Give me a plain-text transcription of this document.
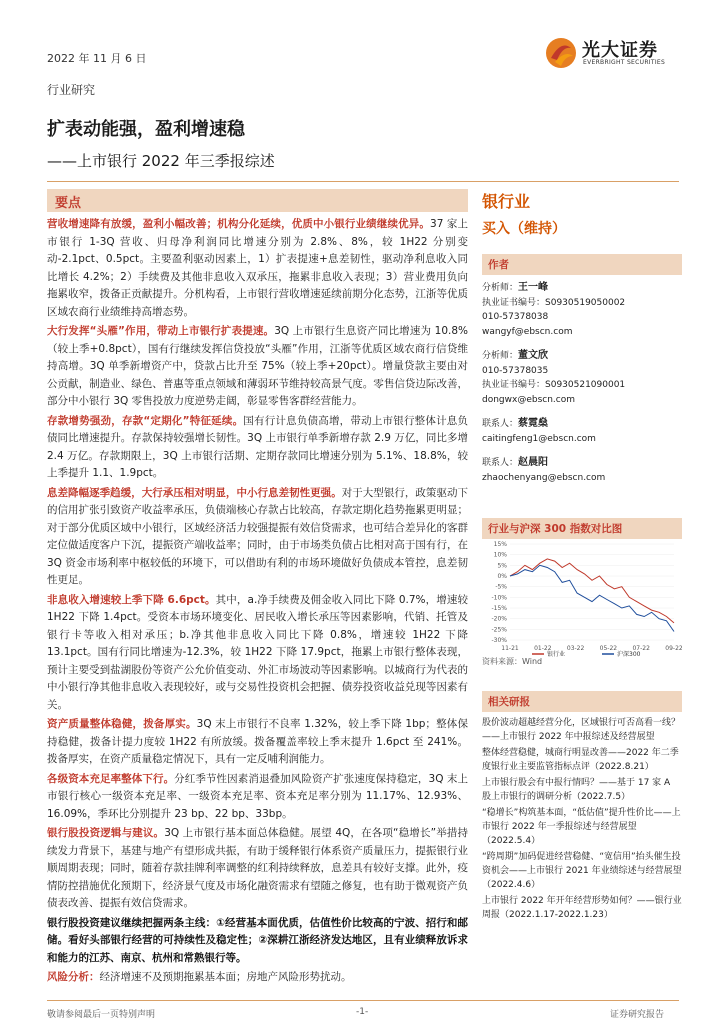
2022 年 11 月 6 日	光大证券
EVERBRIGHT SECURITIES
行业研究
扩表动能强，盈利增速稳
——上市银行 2022 年三季报综述
要点

营收增速降有放缓，盈利小幅改善；机构分化延续，优质中小银行业绩继续优异。37 家上市银行 1-3Q 营收、归母净利润同比增速分别为 2.8%、8%，较 1H22 分别变动-2.1pct、0.5pct。主要盈利驱动因素上，1）扩表提速+息差韧性，驱动净利息收入同比增长 4.2%；2）手续费及其他非息收入双承压，拖累非息收入表现；3）营业费用负向拖累收窄，拨备正贡献提升。分机构看，上市银行营收增速延续前期分化态势，江浙等优质区域农商行业绩维持高增态势。

大行发挥“头雁”作用，带动上市银行扩表提速。3Q 上市银行生息资产同比增速为 10.8%（较上季+0.8pct），国有行继续发挥信贷投放“头雁”作用，江浙等优质区域农商行信贷维持高增。3Q 单季新增资产中，贷款占比升至 75%（较上季+20pct）。增量贷款主要由对公贡献，制造业、绿色、普惠等重点领域和薄弱环节维持较高景气度。零售信贷边际改善，部分中小银行 3Q 零售投放力度逆势走阔，彰显零售客群经营能力。

存款增势强劲，存款“定期化”特征延续。国有行计息负债高增，带动上市银行整体计息负债同比增速提升。存款保持较强增长韧性。3Q 上市银行单季新增存款 2.9 万亿，同比多增 2.4 万亿。存款期限上，3Q 上市银行活期、定期存款同比增速分别为 5.1%、18.8%，较上季提升 1.1、1.9pct。

息差降幅逐季趋缓，大行承压相对明显，中小行息差韧性更强。对于大型银行，政策驱动下的信用扩张引致资产收益率承压，负债端核心存款占比较高，存款定期化趋势拖累更明显；对于部分优质区域中小银行，区域经济活力较强提振有效信贷需求，也可结合差异化的客群定位做适度客户下沉，提振资产端收益率；同时，由于市场类负债占比相对高于国有行，在 3Q 资金市场利率中枢较低的环境下，可以借助有利的市场环境做好负债成本管控，息差韧性更足。

非息收入增速较上季下降 6.6pct。其中，a.净手续费及佣金收入同比下降 0.7%，增速较 1H22 下降 1.4pct。受资本市场环境变化、居民收入增长承压等因素影响，代销、托管及银行卡等收入相对承压；b.净其他非息收入同比下降 0.8%，增速较 1H22 下降 13.1pct。国有行同比增速为-12.3%，较 1H22 下降 17.9pct，拖累上市银行整体表现，预计主要受到盐湖股份等资产公允价值变动、外汇市场波动等因素影响。以城商行为代表的中小银行净其他非息收入表现较好，或与交易性投资机会把握、债券投资收益兑现等因素有关。

资产质量整体稳健，拨备厚实。3Q 末上市银行不良率 1.32%，较上季下降 1bp；整体保持稳健，拨备计提力度较 1H22 有所放缓。拨备覆盖率较上季末提升 1.6pct 至 241%。拨备厚实，在资产质量稳定情况下，具有一定反哺利润能力。

各级资本充足率整体下行。分红季节性因素消退叠加风险资产扩张速度保持稳定，3Q 末上市银行核心一级资本充足率、一级资本充足率、资本充足率分别为 11.17%、12.93%、16.09%，季环比分别提升 23 bp、22 bp、33bp。

银行股投资逻辑与建议。3Q 上市银行基本面总体稳健。展望 4Q，在各项“稳增长”举措持续发力背景下，基建与地产有望形成共振，有助于缓释银行体系资产质量压力，提振银行业顺周期表现；同时，随着存款挂牌利率调整的红利持续释放，息差具有较好支撑。此外，疫情防控措施优化预期下，经济景气度及市场化融资需求有望随之修复，也有助于微观资产负债表改善、提振有效信贷需求。

银行股投资建议继续把握两条主线：①经营基本面优质，估值性价比较高的宁波、招行和邮储。看好头部银行经营的可持续性及稳定性；②深耕江浙经济发达地区，且有业绩释放诉求和能力的江苏、南京、杭州和常熟银行等。

风险分析：经济增速不及预期拖累基本面；房地产风险形势扰动。

银行业
买入（维持）
作者
分析师：王一峰
执业证书编号：S0930519050002
010-57378038
wangyf@ebscn.com
分析师：董文欣
010-57378035
执业证书编号：S0930521090001
dongwx@ebscn.com
联系人：蔡霓燊
caitingfeng1@ebscn.com
联系人：赵晨阳
zhaochenyang@ebscn.com
行业与沪深 300 指数对比图
15%
10%
5%
0%
-5%
-10%
-15%
-20%
-25%
-30%
11-21	01-22	03-22	05-22	07-22	09-22
银行业	沪深300
资料来源：Wind
相关研报
股价波动超越经营分化，区域银行可否高看一线？——上市银行 2022 年中报综述及经营展望
整体经营稳健，城商行明显改善——2022 年二季度银行业主要监管指标点评（2022.8.21）
上市银行股会有中报行情吗？——基于 17 家 A 股上市银行的调研分析（2022.7.5）
“稳增长”构筑基本面，“低估值”提升性价比——上市银行 2022 年一季报综述与经营展望（2022.5.4）
“跨周期”加码促进经营稳健、“宽信用”抬头催生投资机会——上市银行 2021 年业绩综述与经营展望（2022.4.6）
上市银行 2022 年开年经营形势如何？——银行业周报（2022.1.17-2022.1.23）
敬请参阅最后一页特别声明	-1-	证券研究报告
